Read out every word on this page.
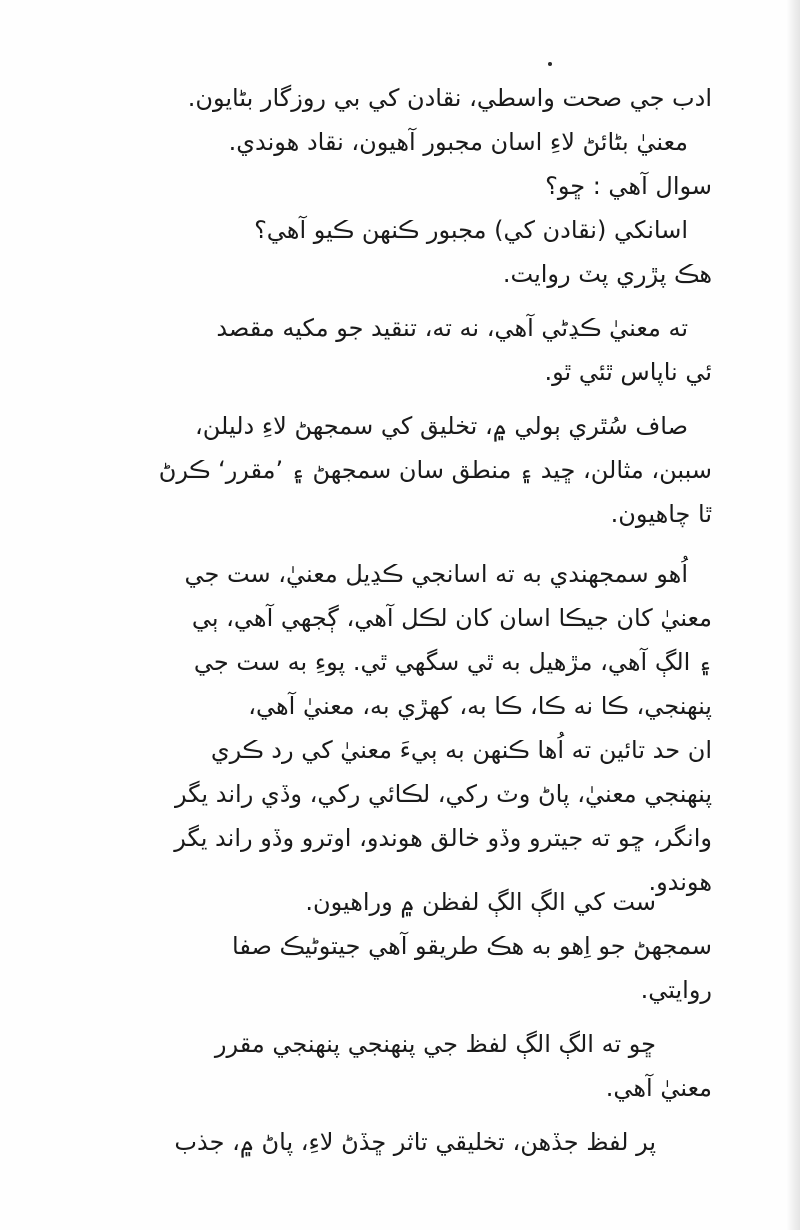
ادب جي صحت واسطي، نقادن کي بي روزگار بڻايون.
معنيٰ بڻائڻ لاءِ اسان مجبور آهيون، نقاد هوندي.
سوال آهي : ڇو؟
اسانکي (نقادن کي) مجبور ڪنهن ڪيو آهي؟
هڪ پڙري پٽ روايت.
ته معنيٰ ڪڍڻي آهي، نه ته، تنقيد جو مکيه مقصد
ئي ناپاس ٿئي ٿو.
صاف سُٿري ٻولي ۾، تخليق کي سمجهڻ لاءِ دليلن،
سببن، مثالن، ڇيد ۽ منطق سان سمجهڻ ۽ ’مقرر‘ ڪرڻ
ٿا چاهيون.
اُهو سمجهندي به ته اسانجي ڪڍيل معنيٰ، ست جي
معنيٰ کان جيڪا اسان کان لڪل آهي، ڳجهي آهي، ٻي
۽ الڳ آهي، مڙهيل به ٿي سگهي ٿي. پوءِ به ست جي
پنهنجي، ڪا نه ڪا، ڪا به، کھڙي به، معنيٰ آهي،
ان حد تائين ته اُها ڪنهن به ٻيءَ معنيٰ کي رد ڪري
پنهنجي معنيٰ، پاڻ وٽ رکي، لڪائي رکي، وڏي راند يگر
وانگر، ڇو ته جيترو وڏو خالق هوندو، اوترو وڏو راند يگر
هوندو.
ست کي الڳ الڳ لفظن ۾ وراهيون.
سمجهڻ جو اِهو به هڪ طريقو آهي جيتوڻيڪ صفا
روايتي.
ڇو ته الڳ الڳ لفظ جي پنهنجي پنهنجي مقرر
معنيٰ آهي.
پر لفظ جڏهن، تخليقي تاثر ڇڏڻ لاءِ، پاڻ ۾، جذب
